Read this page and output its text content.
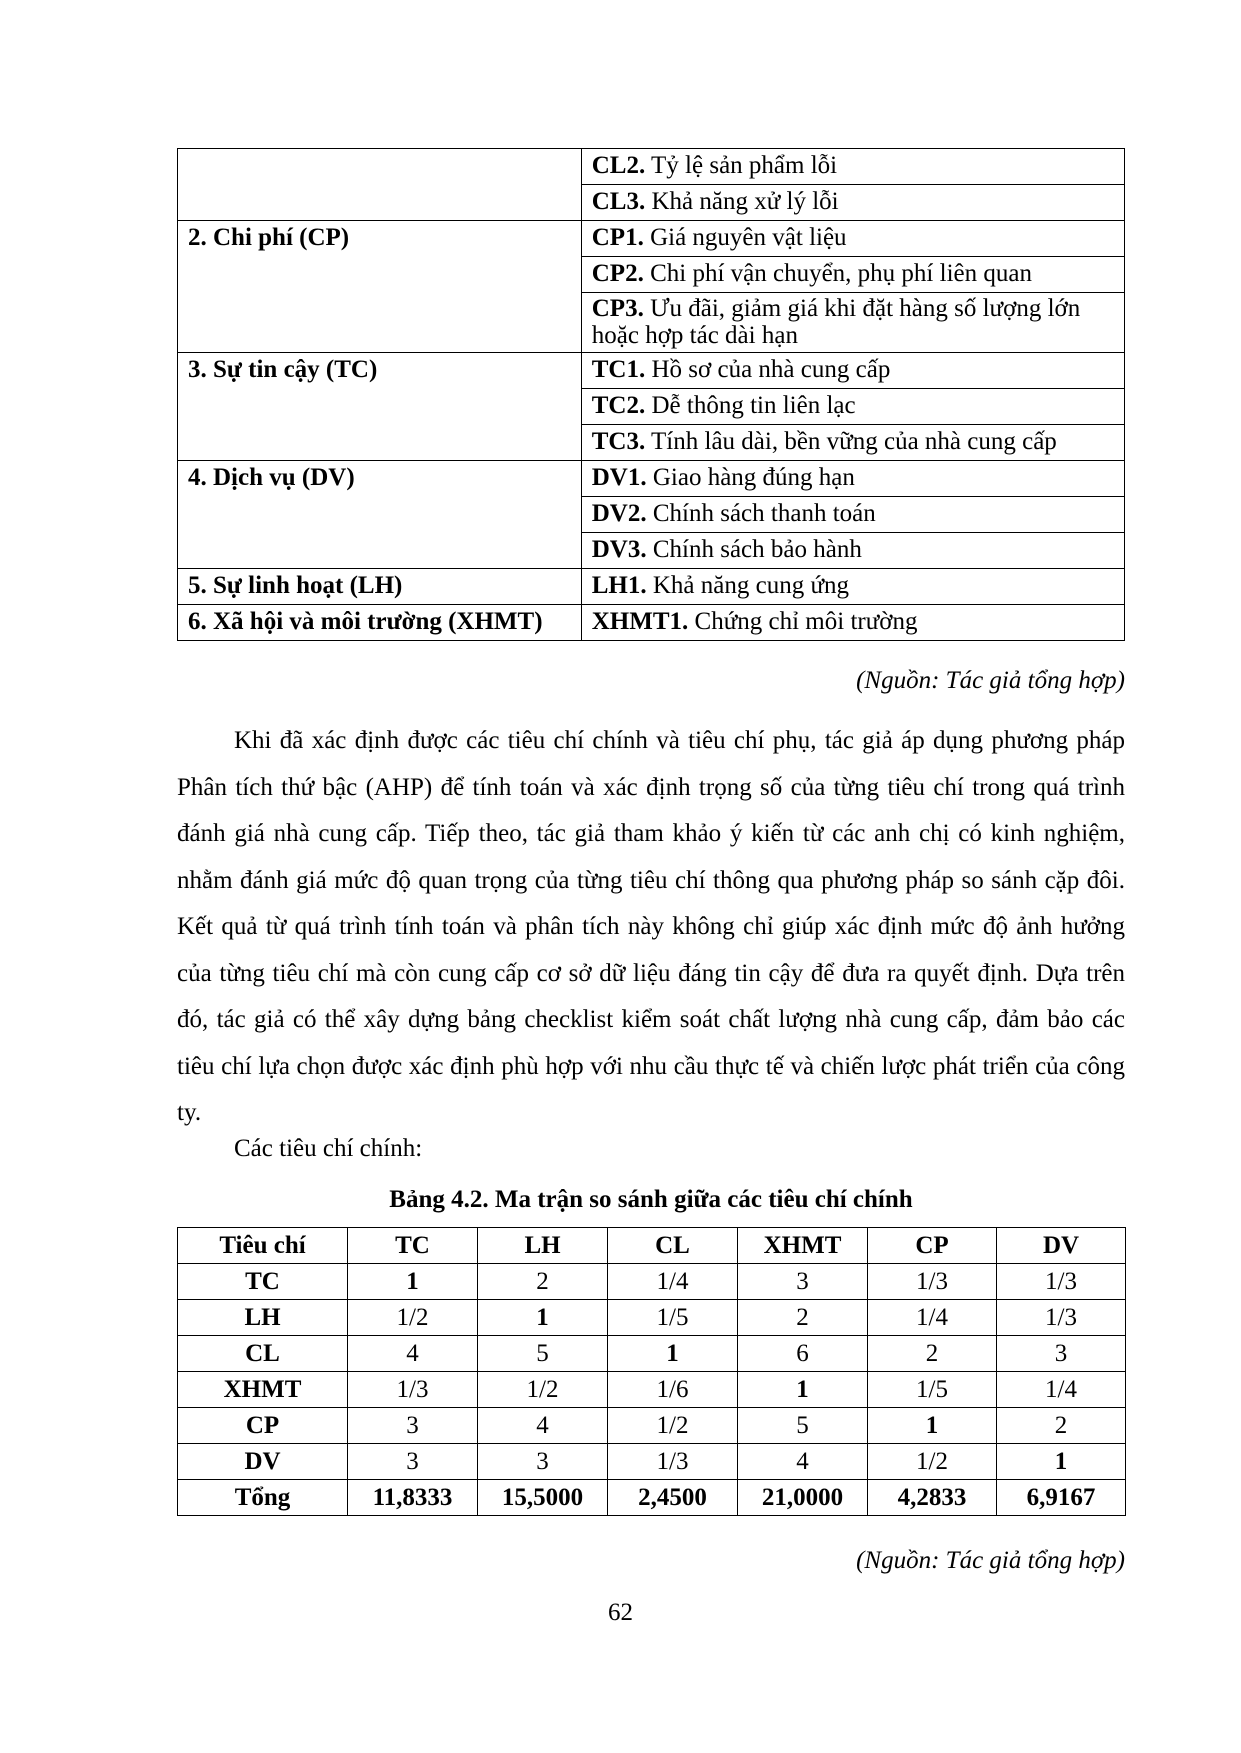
	CL2. Tỷ lệ sản phẩm lỗi
	CL3. Khả năng xử lý lỗi
2. Chi phí (CP)	CP1. Giá nguyên vật liệu
	CP2. Chi phí vận chuyển, phụ phí liên quan
	CP3. Ưu đãi, giảm giá khi đặt hàng số lượng lớn hoặc hợp tác dài hạn
3. Sự tin cậy (TC)	TC1. Hồ sơ của nhà cung cấp
	TC2. Dễ thông tin liên lạc
	TC3. Tính lâu dài, bền vững của nhà cung cấp
4. Dịch vụ (DV)	DV1. Giao hàng đúng hạn
	DV2. Chính sách thanh toán
	DV3. Chính sách bảo hành
5. Sự linh hoạt (LH)	LH1. Khả năng cung ứng
6. Xã hội và môi trường (XHMT)	XHMT1. Chứng chỉ môi trường
(Nguồn: Tác giả tổng hợp)

Khi đã xác định được các tiêu chí chính và tiêu chí phụ, tác giả áp dụng phương pháp Phân tích thứ bậc (AHP) để tính toán và xác định trọng số của từng tiêu chí trong quá trình đánh giá nhà cung cấp. Tiếp theo, tác giả tham khảo ý kiến từ các anh chị có kinh nghiệm, nhằm đánh giá mức độ quan trọng của từng tiêu chí thông qua phương pháp so sánh cặp đôi. Kết quả từ quá trình tính toán và phân tích này không chỉ giúp xác định mức độ ảnh hưởng của từng tiêu chí mà còn cung cấp cơ sở dữ liệu đáng tin cậy để đưa ra quyết định. Dựa trên đó, tác giả có thể xây dựng bảng checklist kiểm soát chất lượng nhà cung cấp, đảm bảo các tiêu chí lựa chọn được xác định phù hợp với nhu cầu thực tế và chiến lược phát triển của công ty.

Các tiêu chí chính:
Bảng 4.2. Ma trận so sánh giữa các tiêu chí chính
Tiêu chí	TC	LH	CL	XHMT	CP	DV
TC	1	2	1/4	3	1/3	1/3
LH	1/2	1	1/5	2	1/4	1/3
CL	4	5	1	6	2	3
XHMT	1/3	1/2	1/6	1	1/5	1/4
CP	3	4	1/2	5	1	2
DV	3	3	1/3	4	1/2	1
Tổng	11,8333	15,5000	2,4500	21,0000	4,2833	6,9167
(Nguồn: Tác giả tổng hợp)
62
